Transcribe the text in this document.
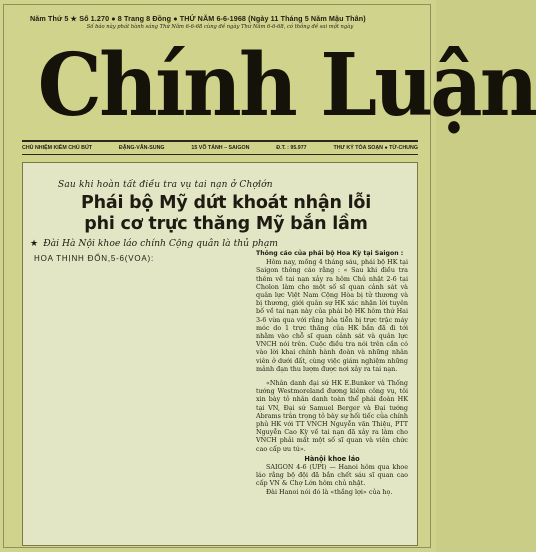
Năm Thứ 5 ★ Số 1.270 ● 8 Trang 8 Đồng ● THỨ NĂM 6-6-1968 (Ngày 11 Tháng 5 Năm Mậu Thân)
Số báo này phát hành sáng Thứ Năm 6-6-68 cùng đề ngày Thứ Năm 6-6-68, có thông đề sai một ngày
Chính Luận
CHỦ NHIỆM KIÊM CHỦ BÚT	ĐẶNG-VĂN-SUNG	15 VÕ TÁNH – SAIGON	Đ.T. : 95.977	THƯ KÝ TÒA SOẠN ● TỪ-CHUNG
Sau khi hoàn tất điều tra vụ tai nạn ở Chợlớn
Phái bộ Mỹ dứt khoát nhận lỗi
phi cơ trực thăng Mỹ bắn lầm
★ Đài Hà Nội khoe láo chính Cộng quân là thủ phạm
HOA THỊNH ĐỐN,5-6(VOA):

Thông cáo của phái bộ Hoa Kỳ tại Saigon :

Hôm nay, mồng 4 tháng sáu, phái bộ HK tại Saigon thông cáo rằng : « Sau khi điều tra thêm về tai nạn xảy ra hôm Chủ nhật 2-6 tại Cholon làm cho một số sĩ quan cảnh sát và quân lực Việt Nam Cộng Hòa bị tử thương và bị thương, giới quân sự HK xác nhận lời tuyên bố về tai nạn này của phái bộ HK hôm thứ Hai 3-6 vừa qua với rằng hỏa tiễn bị trực trặc máy móc do 1 trực thăng của HK bắn đã đi tới nhằm vào chỗ sĩ quan cảnh sát và quân lực VNCH nói trên. Cuộc điều tra nói trên cần có vào lời khai chính hành đoàn và những nhân viên ở dưới đất, cùng việc giám nghiệm những mảnh đạn thu lượm được nơi xảy ra tai nạn.

«Nhân danh đại sứ HK E.Bunker và Thống tướng Westmoreland đương kiêm công vụ, tôi xin bày tỏ nhân danh toàn thể phái đoàn HK tại VN, Đại sứ Samuel Berger và Đại tướng Abrams trân trọng tỏ bày sự hối tiếc của chính phủ HK với TT VNCH Nguyễn văn Thiệu, PTT Nguyễn Cao Kỳ về tai nạn đã xảy ra làm cho VNCH phải mất một số sĩ quan và viên chức cao cấp ưu tú».

Hànội khoe láo

SAIGON 4-6 (UPI) — Hanoi hôm qua khoe láo rằng bộ đội đã bắn chết sáu sĩ quan cao cấp VN & Chợ Lớn hôm chủ nhật.

Đài Hanoi nói đó là «thắng lợi» của họ.
